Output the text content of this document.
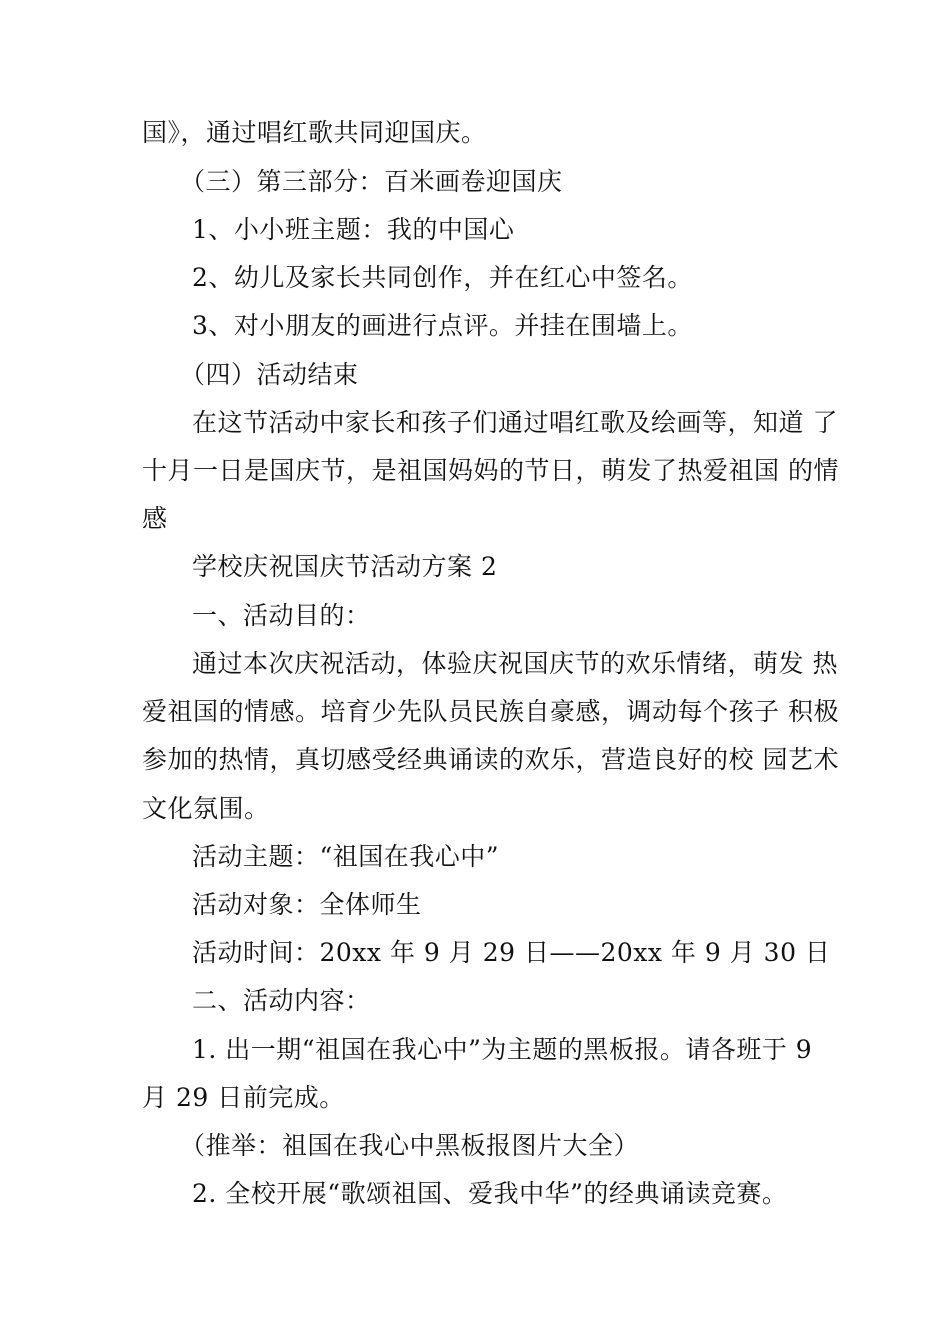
国》，通过唱红歌共同迎国庆。
（三）第三部分：百米画卷迎国庆
1、小小班主题：我的中国心
2、幼儿及家长共同创作，并在红心中签名。
3、对小朋友的画进行点评。并挂在围墙上。
（四）活动结束
在这节活动中家长和孩子们通过唱红歌及绘画等，知道 了
十月一日是国庆节，是祖国妈妈的节日，萌发了热爱祖国 的情
感
学校庆祝国庆节活动方案 2
一、活动目的：
通过本次庆祝活动，体验庆祝国庆节的欢乐情绪，萌发 热
爱祖国的情感。培育少先队员民族自豪感，调动每个孩子 积极
参加的热情，真切感受经典诵读的欢乐，营造良好的校 园艺术
文化氛围。
活动主题：“祖国在我心中”
活动对象：全体师生
活动时间：20xx 年 9 月 29 日——20xx 年 9 月 30 日
二、活动内容：
1. 出一期“祖国在我心中”为主题的黑板报。请各班于 9
月 29 日前完成。
（推举：祖国在我心中黑板报图片大全）
2. 全校开展“歌颂祖国、爱我中华”的经典诵读竞赛。
